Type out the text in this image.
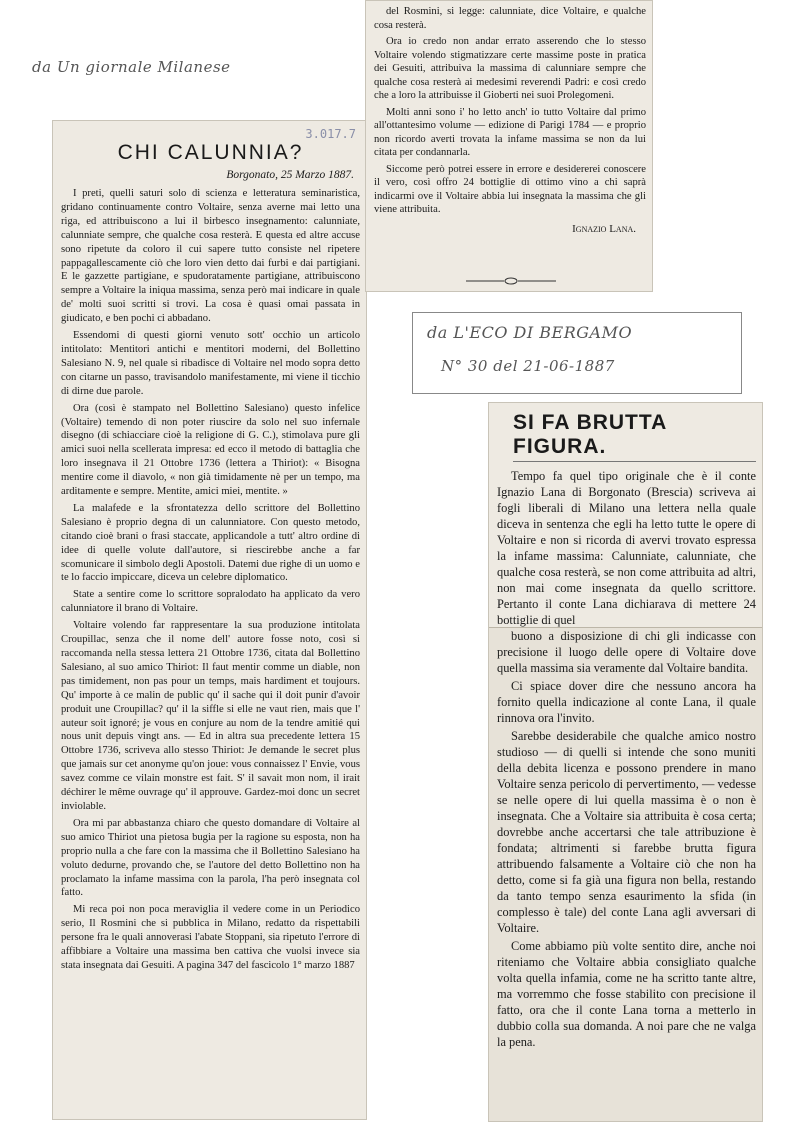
da Un giornale Milanese
3.017.7
CHI CALUNNIA?
Borgonato, 25 Marzo 1887.

I preti, quelli saturi solo di scienza e letteratura seminaristica, gridano continuamente contro Voltaire, senza averne mai letto una riga, ed attribuiscono a lui il birbesco insegnamento: calunniate, calunniate sempre, che qualche cosa resterà. E questa ed altre accuse sono ripetute da coloro il cui sapere tutto consiste nel ripetere pappagallescamente ciò che loro vien detto dai furbi e dai partigiani. E le gazzette partigiane, e spudoratamente partigiane, attribuiscono sempre a Voltaire la iniqua massima, senza però mai indicare in quale de' molti suoi scritti si trovi. La cosa è quasi omai passata in giudicato, e ben pochi ci abbadano.

Essendomi di questi giorni venuto sott' occhio un articolo intitolato: Mentitori antichi e mentitori moderni, del Bollettino Salesiano N. 9, nel quale si ribadisce di Voltaire nel modo sopra detto con citarne un passo, travisandolo manifestamente, mi viene il ticchio di dirne due parole.

Ora (così è stampato nel Bollettino Salesiano) questo infelice (Voltaire) temendo di non poter riuscire da solo nel suo infernale disegno (di schiacciare cioè la religione di G. C.), stimolava pure gli amici suoi nella scellerata impresa: ed ecco il metodo di battaglia che loro insegnava il 21 Ottobre 1736 (lettera a Thiriot): « Bisogna mentire come il diavolo, « non già timidamente nè per un tempo, ma arditamente e sempre. Mentite, amici miei, mentite. »

La malafede e la sfrontatezza dello scrittore del Bollettino Salesiano è proprio degna di un calunniatore. Con questo metodo, citando cioè brani o frasi staccate, applicandole a tutt' altro ordine di idee di quelle volute dall'autore, si riescirebbe anche a far scomunicare il simbolo degli Apostoli. Datemi due righe di un uomo e te lo faccio impiccare, diceva un celebre diplomatico.

State a sentire come lo scrittore sopralodato ha applicato da vero calunniatore il brano di Voltaire.

Voltaire volendo far rappresentare la sua produzione intitolata Croupillac, senza che il nome dell' autore fosse noto, così si raccomanda nella stessa lettera 21 Ottobre 1736, citata dal Bollettino Salesiano, al suo amico Thiriot: Il faut mentir comme un diable, non pas timidement, non pas pour un temps, mais hardiment et toujours. Qu' importe à ce malin de public qu' il sache qui il doit punir d'avoir produit une Croupillac? qu' il la siffle si elle ne vaut rien, mais que l' auteur soit ignoré; je vous en conjure au nom de la tendre amitié qui nous unit depuis vingt ans. — Ed in altra sua precedente lettera 15 Ottobre 1736, scriveva allo stesso Thiriot: Je demande le secret plus que jamais sur cet anonyme qu'on joue: vous connaissez l' Envie, vous savez comme ce vilain monstre est fait. S' il savait mon nom, il irait déchirer le même ouvrage qu' il approuve. Gardez-moi donc un secret inviolable.

Ora mi par abbastanza chiaro che questo domandare di Voltaire al suo amico Thiriot una pietosa bugia per la ragione su esposta, non ha proprio nulla a che fare con la massima che il Bollettino Salesiano ha voluto dedurne, provando che, se l'autore del detto Bollettino non ha proclamato la infame massima con la parola, l'ha però insegnata col fatto.

Mi reca poi non poca meraviglia il vedere come in un Periodico serio, Il Rosmini che si pubblica in Milano, redatto da rispettabili persone fra le quali annoverasi l'abate Stoppani, sia ripetuto l'errore di affibbiare a Voltaire una massima ben cattiva che vuolsi invece sia stata insegnata dai Gesuiti. A pagina 347 del fascicolo 1° marzo 1887

del Rosmini, si legge: calunniate, dice Voltaire, e qualche cosa resterà.

Ora io credo non andar errato asserendo che lo stesso Voltaire volendo stigmatizzare certe massime poste in pratica dei Gesuiti, attribuiva la massima di calunniare sempre che qualche cosa resterà ai medesimi reverendi Padri: e così credo che a loro la attribuisse il Gioberti nei suoi Prolegomeni.

Molti anni sono i' ho letto anch' io tutto Voltaire dal primo all'ottantesimo volume — edizione di Parigi 1784 — e proprio non ricordo averti trovata la infame massima se non da lui citata per condannarla.

Siccome però potrei essere in errore e desidererei conoscere il vero, così offro 24 bottiglie di ottimo vino a chi saprà indicarmi ove il Voltaire abbia lui insegnata la massima che gli viene attribuita.

Ignazio Lana.
da L'ECO DI BERGAMO
N° 30 del 21-06-1887
SI FA BRUTTA FIGURA.

Tempo fa quel tipo originale che è il conte Ignazio Lana di Borgonato (Brescia) scriveva ai fogli liberali di Milano una lettera nella quale diceva in sentenza che egli ha letto tutte le opere di Voltaire e non si ricorda di avervi trovato espressa la infame massima: Calunniate, calunniate, che qualche cosa resterà, se non come attribuita ad altri, non mai come insegnata da quello scrittore. Pertanto il conte Lana dichiarava di mettere 24 bottiglie di quel

buono a disposizione di chi gli indicasse con precisione il luogo delle opere di Voltaire dove quella massima sia veramente dal Voltaire bandita.

Ci spiace dover dire che nessuno ancora ha fornito quella indicazione al conte Lana, il quale rinnova ora l'invito.

Sarebbe desiderabile che qualche amico nostro studioso — di quelli si intende che sono muniti della debita licenza e possono prendere in mano Voltaire senza pericolo di pervertimento, — vedesse se nelle opere di lui quella massima è o non è insegnata. Che a Voltaire sia attribuita è cosa certa; dovrebbe anche accertarsi che tale attribuzione è fondata; altrimenti si farebbe brutta figura attribuendo falsamente a Voltaire ciò che non ha detto, come si fa già una figura non bella, restando da tanto tempo senza esaurimento la sfida (in complesso è tale) del conte Lana agli avversari di Voltaire.

Come abbiamo più volte sentito dire, anche noi riteniamo che Voltaire abbia consigliato qualche volta quella infamia, come ne ha scritto tante altre, ma vorremmo che fosse stabilito con precisione il fatto, ora che il conte Lana torna a metterlo in dubbio colla sua domanda. A noi pare che ne valga la pena.
